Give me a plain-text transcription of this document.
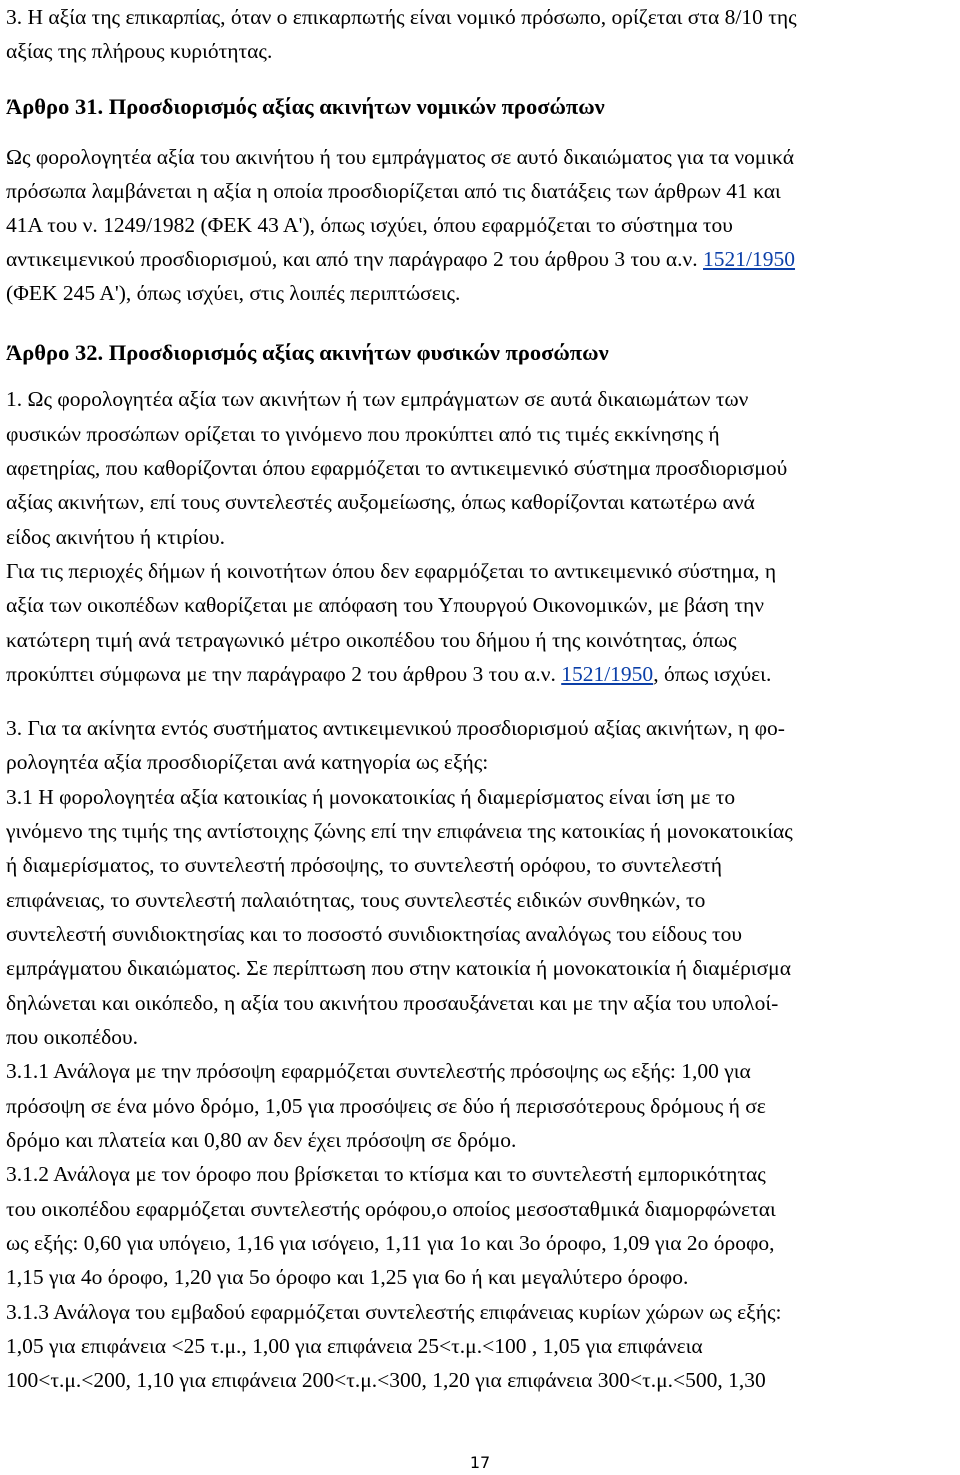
3. Η αξία της επικαρπίας, όταν ο επικαρπωτής είναι νομικό πρόσωπο, ορίζεται στα 8/10 της
αξίας της πλήρους κυριότητας.
Άρθρο 31. Προσδιορισμός αξίας ακινήτων νομικών προσώπων
Ως φορολογητέα αξία του ακινήτου ή του εμπράγματος σε αυτό δικαιώματος για τα νομικά
πρόσωπα λαμβάνεται η αξία η οποία προσδιορίζεται από τις διατάξεις των άρθρων 41 και
41Α του ν. 1249/1982 (ΦΕΚ 43 Α'), όπως ισχύει, όπου εφαρμόζεται το σύστημα του
αντικειμενικού προσδιορισμού, και από την παράγραφο 2 του άρθρου 3 του α.ν. 1521/1950
(ΦΕΚ 245 Α'), όπως ισχύει, στις λοιπές περιπτώσεις.
Άρθρο 32. Προσδιορισμός αξίας ακινήτων φυσικών προσώπων
1. Ως φορολογητέα αξία των ακινήτων ή των εμπράγματων σε αυτά δικαιωμάτων των
φυσικών προσώπων ορίζεται το γινόμενο που προκύπτει από τις τιμές εκκίνησης ή
αφετηρίας, που καθορίζονται όπου εφαρμόζεται το αντικειμενικό σύστημα προσδιορισμού
αξίας ακινήτων, επί τους συντελεστές αυξομείωσης, όπως καθορίζονται κατωτέρω ανά
είδος ακινήτου ή κτιρίου.
Για τις περιοχές δήμων ή κοινοτήτων όπου δεν εφαρμόζεται το αντικειμενικό σύστημα, η
αξία των οικοπέδων καθορίζεται με απόφαση του Υπουργού Οικονομικών, με βάση την
κατώτερη τιμή ανά τετραγωνικό μέτρο οικοπέδου του δήμου ή της κοινότητας, όπως
προκύπτει σύμφωνα με την παράγραφο 2 του άρθρου 3 του α.ν. 1521/1950, όπως ισχύει.
3. Για τα ακίνητα εντός συστήματος αντικειμενικού προσδιορισμού αξίας ακινήτων, η φο-
ρολογητέα αξία προσδιορίζεται ανά κατηγορία ως εξής:
3.1 Η φορολογητέα αξία κατοικίας ή μονοκατοικίας ή διαμερίσματος είναι ίση με το
γινόμενο της τιμής της αντίστοιχης ζώνης επί την επιφάνεια της κατοικίας ή μονοκατοικίας
ή διαμερίσματος, το συντελεστή πρόσοψης, το συντελεστή ορόφου, το συντελεστή
επιφάνειας, το συντελεστή παλαιότητας, τους συντελεστές ειδικών συνθηκών, το
συντελεστή συνιδιοκτησίας και το ποσοστό συνιδιοκτησίας αναλόγως του είδους του
εμπράγματου δικαιώματος. Σε περίπτωση που στην κατοικία ή μονοκατοικία ή διαμέρισμα
δηλώνεται και οικόπεδο, η αξία του ακινήτου προσαυξάνεται και με την αξία του υπολοί-
που οικοπέδου.
3.1.1 Ανάλογα με την πρόσοψη εφαρμόζεται συντελεστής πρόσοψης ως εξής: 1,00 για
πρόσοψη σε ένα μόνο δρόμο, 1,05 για προσόψεις σε δύο ή περισσότερους δρόμους ή σε
δρόμο και πλατεία και 0,80 αν δεν έχει πρόσοψη σε δρόμο.
3.1.2 Ανάλογα με τον όροφο που βρίσκεται το κτίσμα και το συντελεστή εμπορικότητας
του οικοπέδου εφαρμόζεται συντελεστής ορόφου,ο οποίος μεσοσταθμικά διαμορφώνεται
ως εξής: 0,60 για υπόγειο, 1,16 για ισόγειο, 1,11 για 1ο και 3ο όροφο, 1,09 για 2ο όροφο,
1,15 για 4ο όροφο, 1,20 για 5ο όροφο και 1,25 για 6ο ή και μεγαλύτερο όροφο.
3.1.3 Ανάλογα του εμβαδού εφαρμόζεται συντελεστής επιφάνειας κυρίων χώρων ως εξής:
1,05 για επιφάνεια <25 τ.μ., 1,00 για επιφάνεια 25<τ.μ.<100 , 1,05 για επιφάνεια
100<τ.μ.<200, 1,10 για επιφάνεια 200<τ.μ.<300, 1,20 για επιφάνεια 300<τ.μ.<500, 1,30
17
